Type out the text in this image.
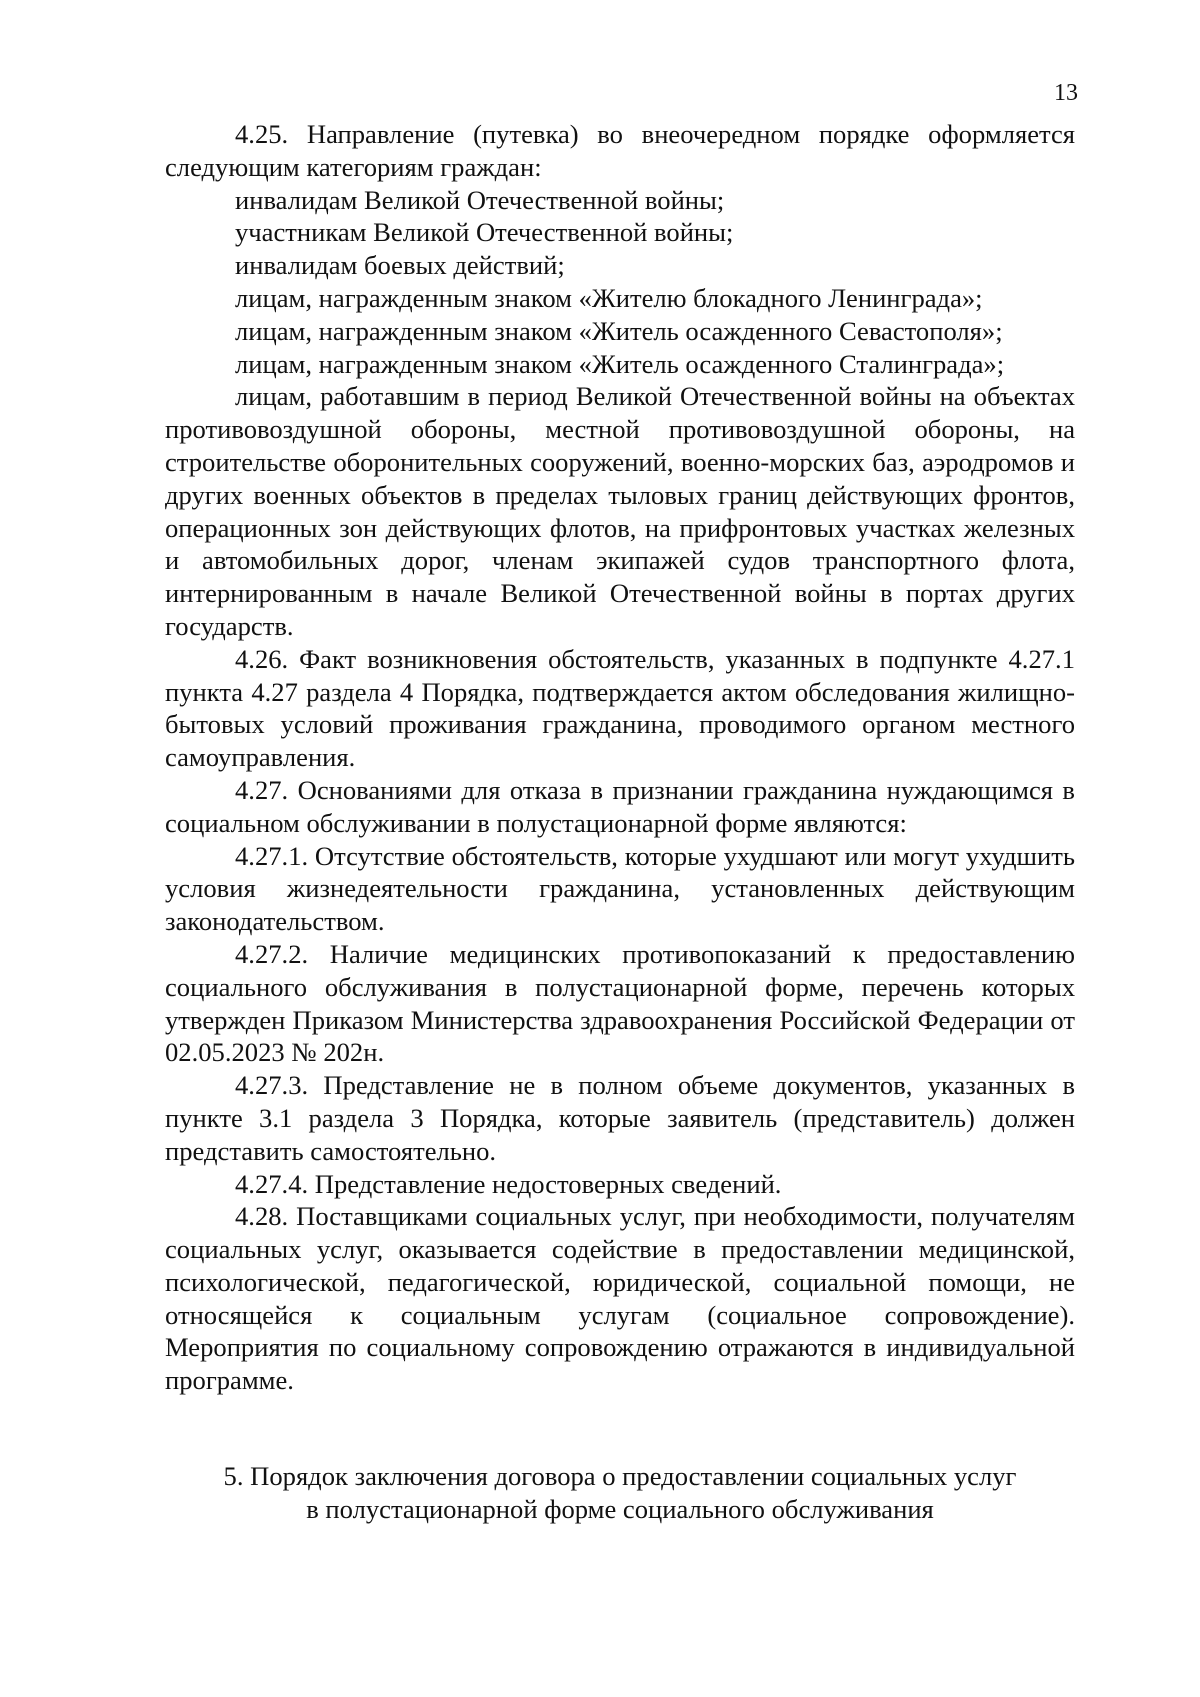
13

4.25. Направление (путевка) во внеочередном порядке оформляется следующим категориям граждан:

инвалидам Великой Отечественной войны;

участникам Великой Отечественной войны;

инвалидам боевых действий;

лицам, награжденным знаком «Жителю блокадного Ленинграда»;

лицам, награжденным знаком «Житель осажденного Севастополя»;

лицам, награжденным знаком «Житель осажденного Сталинграда»;

лицам, работавшим в период Великой Отечественной войны на объектах противовоздушной обороны, местной противовоздушной обороны, на строительстве оборонительных сооружений, военно-морских баз, аэродромов и других военных объектов в пределах тыловых границ действующих фронтов, операционных зон действующих флотов, на прифронтовых участках железных и автомобильных дорог, членам экипажей судов транспортного флота, интернированным в начале Великой Отечественной войны в портах других государств.

4.26. Факт возникновения обстоятельств, указанных в подпункте 4.27.1 пункта 4.27 раздела 4 Порядка, подтверждается актом обследования жилищно-бытовых условий проживания гражданина, проводимого органом местного самоуправления.

4.27. Основаниями для отказа в признании гражданина нуждающимся в социальном обслуживании в полустационарной форме являются:

4.27.1. Отсутствие обстоятельств, которые ухудшают или могут ухудшить условия жизнедеятельности гражданина, установленных действующим законодательством.

4.27.2. Наличие медицинских противопоказаний к предоставлению социального обслуживания в полустационарной форме, перечень которых утвержден Приказом Министерства здравоохранения Российской Федерации от 02.05.2023 № 202н.

4.27.3. Представление не в полном объеме документов, указанных в пункте 3.1 раздела 3 Порядка, которые заявитель (представитель) должен представить самостоятельно.

4.27.4. Представление недостоверных сведений.

4.28. Поставщиками социальных услуг, при необходимости, получателям социальных услуг, оказывается содействие в предоставлении медицинской, психологической, педагогической, юридической, социальной помощи, не относящейся к социальным услугам (социальное сопровождение). Мероприятия по социальному сопровождению отражаются в индивидуальной программе.

5. Порядок заключения договора о предоставлении социальных услуг
в полустационарной форме социального обслуживания
